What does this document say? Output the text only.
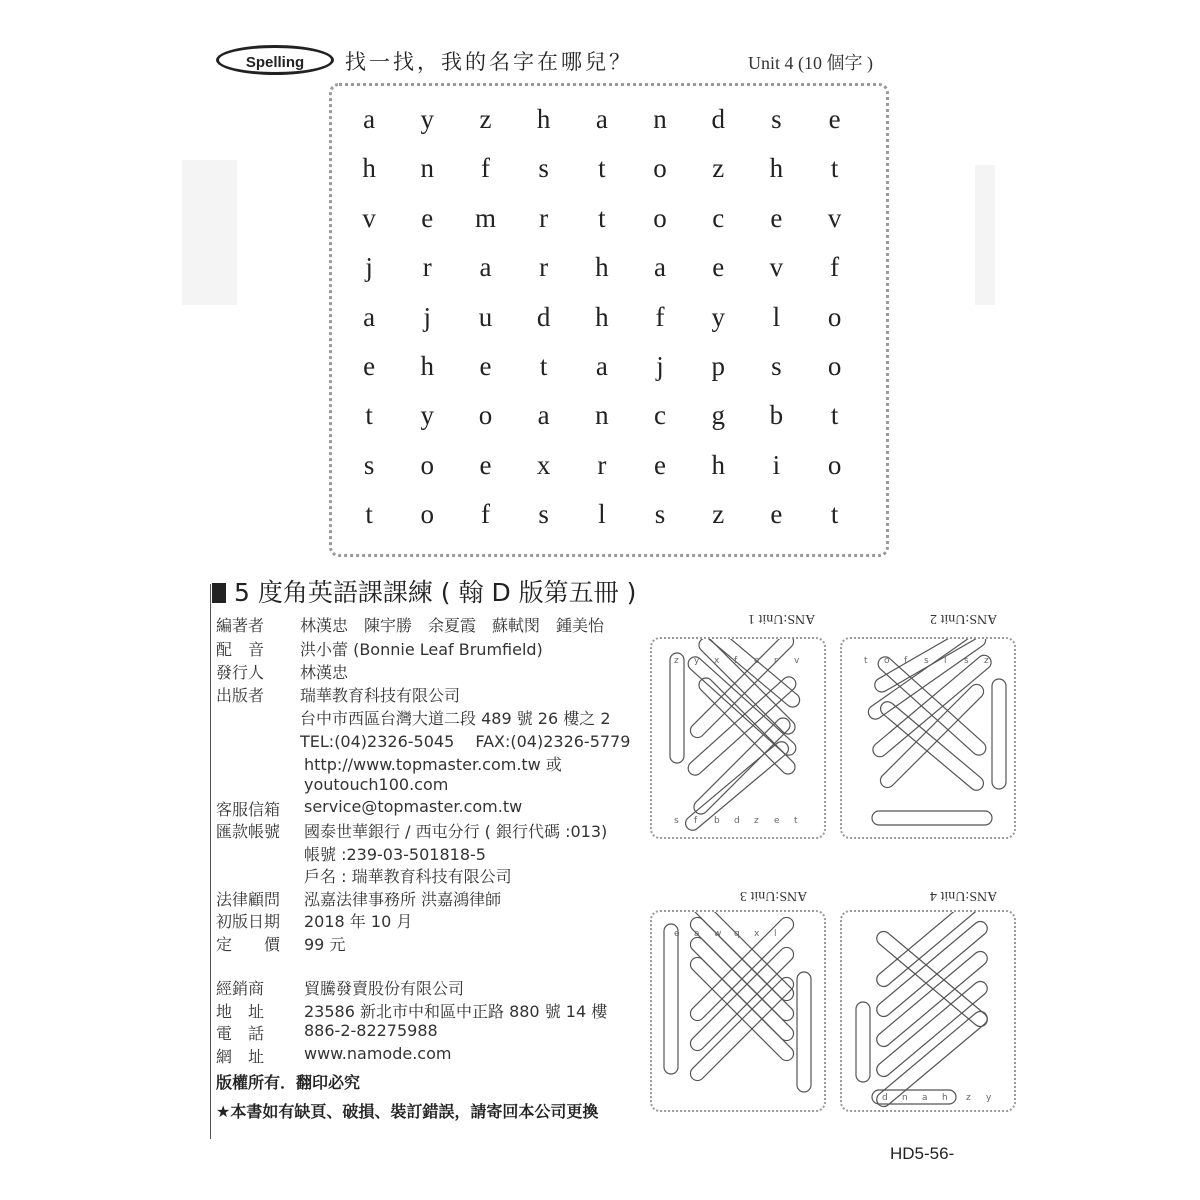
Spelling	找一找，我的名字在哪兒？	Unit 4 (10 個字 )
a	y	z	h	a	n	d	s	e
h	n	f	s	t	o	z	h	t
v	e	m	r	t	o	c	e	v
j	r	a	r	h	a	e	v	f
a	j	u	d	h	f	y	l	o
e	h	e	t	a	j	p	s	o
t	y	o	a	n	c	g	b	t
s	o	e	x	r	e	h	i	o
t	o	f	s	l	s	z	e	t
5 度角英語課課練 ( 翰 D 版第五冊 )
編著者 林漢忠　陳宇勝　余夏霞　蘇軾閔　鍾美怡
配　音 洪小蕾 (Bonnie Leaf Brumfield)
發行人 林漢忠
出版者 瑞華教育科技有限公司
台中市西區台灣大道二段 489 號 26 樓之 2
TEL:(04)2326-5045　 FAX:(04)2326-5779
http://www.topmaster.com.tw 或
youtouch100.com
客服信箱 service@topmaster.com.tw
匯款帳號 國泰世華銀行 / 西屯分行 ( 銀行代碼 :013)
帳號 :239-03-501818-5
戶名 : 瑞華教育科技有限公司
法律顧問 泓嘉法律事務所 洪嘉鴻律師
初版日期 2018 年 10 月
定　　價 99 元
經銷商 貿騰發賣股份有限公司
地　址 23586 新北市中和區中正路 880 號 14 樓
電　話 886-2-82275988
網　址 www.namode.com
版權所有．翻印必究
★本書如有缺頁、破損、裝訂錯誤，請寄回本公司更換
ANS:Unit 1	ANS:Unit 2
ANS:Unit 3	ANS:Unit 4
z y x f e r v
s f b d z e t
t o f s l s z
e a w q x l
d n a h z y
HD5-56-
